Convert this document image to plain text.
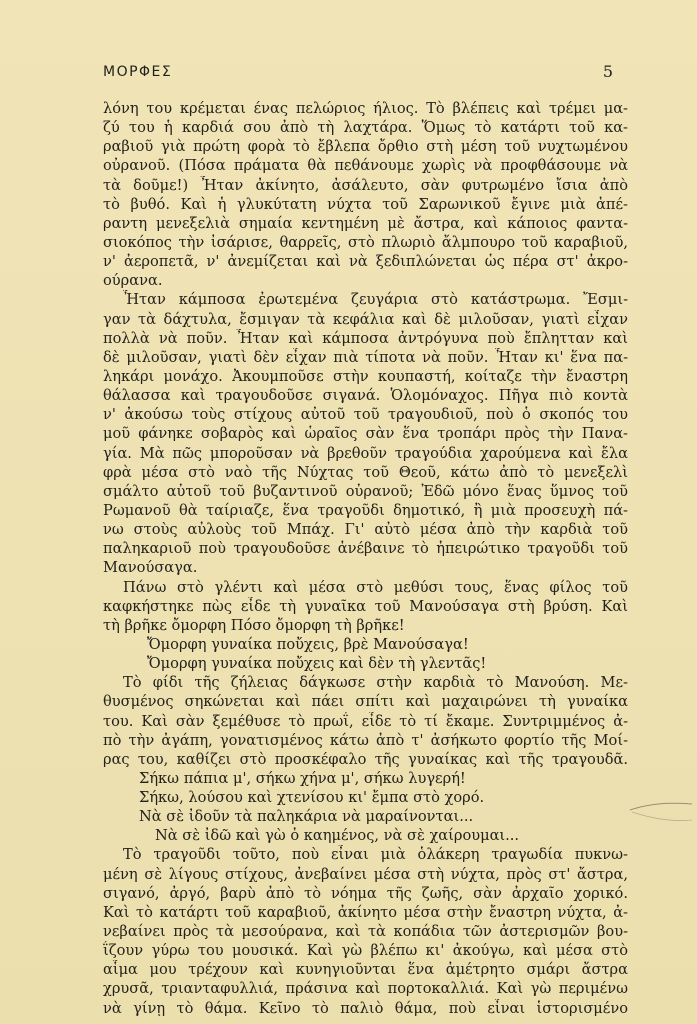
ΜΟΡΦΕΣ	5
λόνη του κρέμεται ένας πελώριος ήλιος. Τὸ βλέπεις καὶ τρέμει μα-
ζύ του ἡ καρδιά σου ἀπὸ τὴ λαχτάρα. Ὅμως τὸ κατάρτι τοῦ κα-
ραβιοῦ γιὰ πρώτη φορὰ τὸ ἔβλεπα ὄρθιο στὴ μέση τοῦ νυχτωμένου
οὐρανοῦ. (Πόσα πράματα θὰ πεθάνουμε χωρὶς νὰ προφθάσουμε νὰ
τὰ δοῦμε!) Ἦταν ἀκίνητο, ἀσάλευτο, σὰν φυτρωμένο ἴσια ἀπὸ
τὸ βυθό. Καὶ ἡ γλυκύτατη νύχτα τοῦ Σαρωνικοῦ ἔγινε μιὰ ἀπέ-
ραντη μενεξελιὰ σημαία κεντημένη μὲ ἄστρα, καὶ κάποιος φαντα-
σιοκόπος τὴν ἰσάρισε, θαρρεῖς, στὸ πλωριὸ ἄλμπουρο τοῦ καραβιοῦ,
ν' ἀεροπετᾶ, ν' ἀνεμίζεται καὶ νὰ ξεδιπλώνεται ὡς πέρα στ' ἀκρο-
ούρανα.
Ἦταν κάμποσα ἐρωτεμένα ζευγάρια στὸ κατάστρωμα. Ἔσμι-
γαν τὰ δάχτυλα, ἔσμιγαν τὰ κεφάλια καὶ δὲ μιλοῦσαν, γιατὶ εἶχαν
πολλὰ νὰ ποῦν. Ἦταν καὶ κάμποσα ἀντρόγυνα ποὺ ἔπλητταν καὶ
δὲ μιλοῦσαν, γιατὶ δὲν εἶχαν πιὰ τίποτα νὰ ποῦν. Ἦταν κι' ἕνα πα-
ληκάρι μονάχο. Ἀκουμποῦσε στὴν κουπαστή, κοίταζε τὴν ἔναστρη
θάλασσα καὶ τραγουδοῦσε σιγανά. Ὁλομόναχος. Πῆγα πιὸ κοντὰ
ν' ἀκούσω τοὺς στίχους αὐτοῦ τοῦ τραγουδιοῦ, ποὺ ὁ σκοπός του
μοῦ φάνηκε σοβαρὸς καὶ ὡραῖος σὰν ἕνα τροπάρι πρὸς τὴν Πανα-
γία. Μὰ πῶς μποροῦσαν νὰ βρεθοῦν τραγούδια χαρούμενα καὶ ἔλα
φρὰ μέσα στὸ ναὸ τῆς Νύχτας τοῦ Θεοῦ, κάτω ἀπὸ τὸ μενεξελὶ
σμάλτο αὐτοῦ τοῦ βυζαντινοῦ οὐρανοῦ; Ἐδῶ μόνο ἕνας ὕμνος τοῦ
Ρωμανοῦ θὰ ταίριαζε, ἕνα τραγοῦδι δημοτικό, ἢ μιὰ προσευχὴ πά-
νω στοὺς αὐλοὺς τοῦ Μπάχ. Γι' αὐτὸ μέσα ἀπὸ τὴν καρδιὰ τοῦ
παληκαριοῦ ποὺ τραγουδοῦσε ἀνέβαινε τὸ ἠπειρώτικο τραγοῦδι τοῦ
Μανούσαγα.
Πάνω στὸ γλέντι καὶ μέσα στὸ μεθύσι τους, ἕνας φίλος τοῦ
καφκήστηκε πὼς εἶδε τὴ γυναῖκα τοῦ Μανούσαγα στὴ βρύση. Καὶ
τὴ βρῆκε ὄμορφη Πόσο ὄμορφη τὴ βρῆκε!
Ὄμορφη γυναίκα ποὔχεις, βρὲ Μανούσαγα!
Ὄμορφη γυναίκα ποὔχεις καὶ δὲν τὴ γλεντᾶς!
Τὸ φίδι τῆς ζήλειας δάγκωσε στὴν καρδιὰ τὸ Μανούση. Με-
θυσμένος σηκώνεται καὶ πάει σπίτι καὶ μαχαιρώνει τὴ γυναίκα
του. Καὶ σὰν ξεμέθυσε τὸ πρωΐ, εἶδε τὸ τί ἔκαμε. Συντριμμένος ἀ-
πὸ τὴν ἀγάπη, γονατισμένος κάτω ἀπὸ τ' ἀσήκωτο φορτίο τῆς Μοί-
ρας του, καθίζει στὸ προσκέφαλο τῆς γυναίκας καὶ τῆς τραγουδᾶ.
Σήκω πάπια μ', σήκω χήνα μ', σήκω λυγερή!
Σήκω, λούσου καὶ χτενίσου κι' ἔμπα στὸ χορό.
Νὰ σὲ ἰδοῦν τὰ παληκάρια νὰ μαραίνονται...
Νὰ σὲ ἰδῶ καὶ γὼ ὁ καημένος, νὰ σὲ χαίρουμαι...
Τὸ τραγοῦδι τοῦτο, ποὺ εἶναι μιὰ ὁλάκερη τραγωδία πυκνω-
μένη σὲ λίγους στίχους, ἀνεβαίνει μέσα στὴ νύχτα, πρὸς στ' ἄστρα,
σιγανό, ἀργό, βαρὺ ἀπὸ τὸ νόημα τῆς ζωῆς, σὰν ἀρχαῖο χορικό.
Καὶ τὸ κατάρτι τοῦ καραβιοῦ, ἀκίνητο μέσα στὴν ἔναστρη νύχτα, ἀ-
νεβαίνει πρὸς τὰ μεσούρανα, καὶ τὰ κοπάδια τῶν ἀστερισμῶν βου-
ΐζουν γύρω του μουσικά. Καὶ γὼ βλέπω κι' ἀκούγω, καὶ μέσα στὸ
αἷμα μου τρέχουν καὶ κυνηγιοῦνται ἕνα ἀμέτρητο σμάρι ἄστρα
χρυσᾶ, τριανταφυλλιά, πράσινα καὶ πορτοκαλλιά. Καὶ γὼ περιμένω
νὰ γίνῃ τὸ θάμα. Κεῖνο τὸ παλιὸ θάμα, ποὺ εἶναι ἱστορισμένο
